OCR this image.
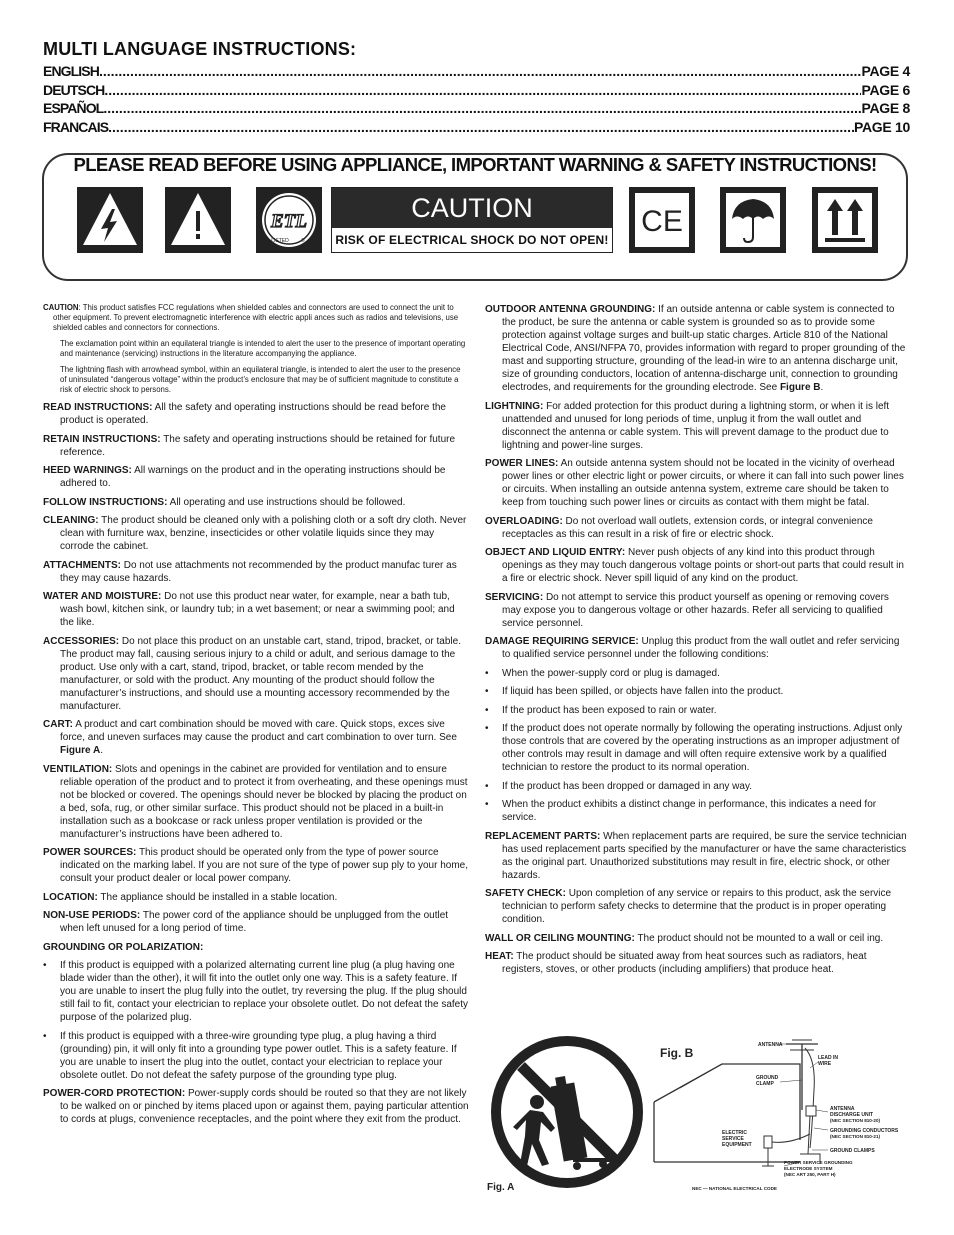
MULTI LANGUAGE INSTRUCTIONS:
ENGLISH .....	PAGE 4
DEUTSCH .....	PAGE 6
ESPAÑOL .....	PAGE 8
FRANCAIS .....	PAGE 10
PLEASE READ BEFORE USING APPLIANCE, IMPORTANT WARNING & SAFETY INSTRUCTIONS!
ETL
LISTED ®
CAUTION
RISK OF ELECTRICAL SHOCK DO NOT OPEN!
CE

CAUTION: This product satisfies FCC regulations when shielded cables and connectors are used to connect the unit to other equipment. To prevent electromagnetic interference with electric appli ances such as radios and televisions, use shielded cables and connectors for connections.

The exclamation point within an equilateral triangle is intended to alert the user to the presence of important operating and maintenance (servicing) instructions in the literature accompanying the appliance.

The lightning flash with arrowhead symbol, within an equilateral triangle, is intended to alert the user to the presence of uninsulated “dangerous voltage” within the product’s enclosure that may be of sufficient magnitude to constitute a risk of electric shock to persons.

READ INSTRUCTIONS: All the safety and operating instructions should be read before the product is operated.

RETAIN INSTRUCTIONS: The safety and operating instructions should be retained for future reference.

HEED WARNINGS: All warnings on the product and in the operating instructions should be adhered to.

FOLLOW INSTRUCTIONS: All operating and use instructions should be followed.

CLEANING: The product should be cleaned only with a polishing cloth or a soft dry cloth. Never clean with furniture wax, benzine, insecticides or other volatile liquids since they may corrode the cabinet.

ATTACHMENTS: Do not use attachments not recommended by the product manufac turer as they may cause hazards.

WATER AND MOISTURE: Do not use this product near water, for example, near a bath tub, wash bowl, kitchen sink, or laundry tub; in a wet basement; or near a swimming pool; and the like.

ACCESSORIES: Do not place this product on an unstable cart, stand, tripod, bracket, or table. The product may fall, causing serious injury to a child or adult, and serious damage to the product. Use only with a cart, stand, tripod, bracket, or table recom mended by the manufacturer, or sold with the product. Any mounting of the product should follow the manufacturer’s instructions, and should use a mounting accessory recommended by the manufacturer.

CART: A product and cart combination should be moved with care. Quick stops, exces sive force, and uneven surfaces may cause the product and cart combination to over turn. See Figure A.

VENTILATION: Slots and openings in the cabinet are provided for ventilation and to ensure reliable operation of the product and to protect it from overheating, and these openings must not be blocked or covered. The openings should never be blocked by placing the product on a bed, sofa, rug, or other similar surface. This product should not be placed in a built-in installation such as a bookcase or rack unless proper ventilation is provided or the manufacturer’s instructions have been adhered to.

POWER SOURCES: This product should be operated only from the type of power source indicated on the marking label. If you are not sure of the type of power sup ply to your home, consult your product dealer or local power company.

LOCATION: The appliance should be installed in a stable location.

NON-USE PERIODS: The power cord of the appliance should be unplugged from the outlet when left unused for a long period of time.

GROUNDING OR POLARIZATION:

•	If this product is equipped with a polarized alternating current line plug (a plug having one blade wider than the other), it will fit into the outlet only one way. This is a safety feature. If you are unable to insert the plug fully into the outlet, try reversing the plug. If the plug should still fail to fit, contact your electrician to replace your obsolete outlet. Do not defeat the safety purpose of the polarized plug.
•	If this product is equipped with a three-wire grounding type plug, a plug having a third (grounding) pin, it will only fit into a grounding type power outlet. This is a safety feature. If you are unable to insert the plug into the outlet, contact your electrician to replace your obsolete outlet. Do not defeat the safety purpose of the grounding type plug.

POWER-CORD PROTECTION: Power-supply cords should be routed so that they are not likely to be walked on or pinched by items placed upon or against them, paying particular attention to cords at plugs, convenience receptacles, and the point where they exit from the product.

OUTDOOR ANTENNA GROUNDING: If an outside antenna or cable system is connected to the product, be sure the antenna or cable system is grounded so as to provide some protection against voltage surges and built-up static charges. Article 810 of the National Electrical Code, ANSI/NFPA 70, provides information with regard to proper grounding of the mast and supporting structure, grounding of the lead-in wire to an antenna discharge unit, size of grounding conductors, location of antenna-discharge unit, connection to grounding electrodes, and requirements for the grounding electrode. See Figure B.

LIGHTNING: For added protection for this product during a lightning storm, or when it is left unattended and unused for long periods of time, unplug it from the wall outlet and disconnect the antenna or cable system. This will prevent damage to the product due to lightning and power-line surges.

POWER LINES: An outside antenna system should not be located in the vicinity of overhead power lines or other electric light or power circuits, or where it can fall into such power lines or circuits. When installing an outside antenna system, extreme care should be taken to keep from touching such power lines or circuits as contact with them might be fatal.

OVERLOADING: Do not overload wall outlets, extension cords, or integral convenience receptacles as this can result in a risk of fire or electric shock.

OBJECT AND LIQUID ENTRY: Never push objects of any kind into this product through openings as they may touch dangerous voltage points or short-out parts that could result in a fire or electric shock. Never spill liquid of any kind on the product.

SERVICING: Do not attempt to service this product yourself as opening or removing covers may expose you to dangerous voltage or other hazards. Refer all servicing to qualified service personnel.

DAMAGE REQUIRING SERVICE: Unplug this product from the wall outlet and refer servicing to qualified service personnel under the following conditions:

•	When the power-supply cord or plug is damaged.
•	If liquid has been spilled, or objects have fallen into the product.
•	If the product has been exposed to rain or water.
•	If the product does not operate normally by following the operating instructions. Adjust only those controls that are covered by the operating instructions as an improper adjustment of other controls may result in damage and will often require extensive work by a qualified technician to restore the product to its normal operation.
•	If the product has been dropped or damaged in any way.
•	When the product exhibits a distinct change in performance, this indicates a need for service.

REPLACEMENT PARTS: When replacement parts are required, be sure the service technician has used replacement parts specified by the manufacturer or have the same characteristics as the original part. Unauthorized substitutions may result in fire, electric shock, or other hazards.

SAFETY CHECK: Upon completion of any service or repairs to this product, ask the service technician to perform safety checks to determine that the product is in proper operating condition.

WALL OR CEILING MOUNTING: The product should not be mounted to a wall or ceil ing.

HEAT: The product should be situated away from heat sources such as radiators, heat registers, stoves, or other products (including amplifiers) that produce heat.

Fig. A
Fig. B
ANTENNA
LEAD IN
WIRE
GROUND
CLAMP
ANTENNA
DISCHARGE UNIT
(NEC SECTION 810-20)
GROUNDING CONDUCTORS
(NEC SECTION 810-21)
ELECTRIC
SERVICE
EQUIPMENT
GROUND CLAMPS
POWER SERVICE GROUNDING
ELECTRODE SYSTEM
(NEC ART 250, PART H)
NEC — NATIONAL ELECTRICAL CODE
